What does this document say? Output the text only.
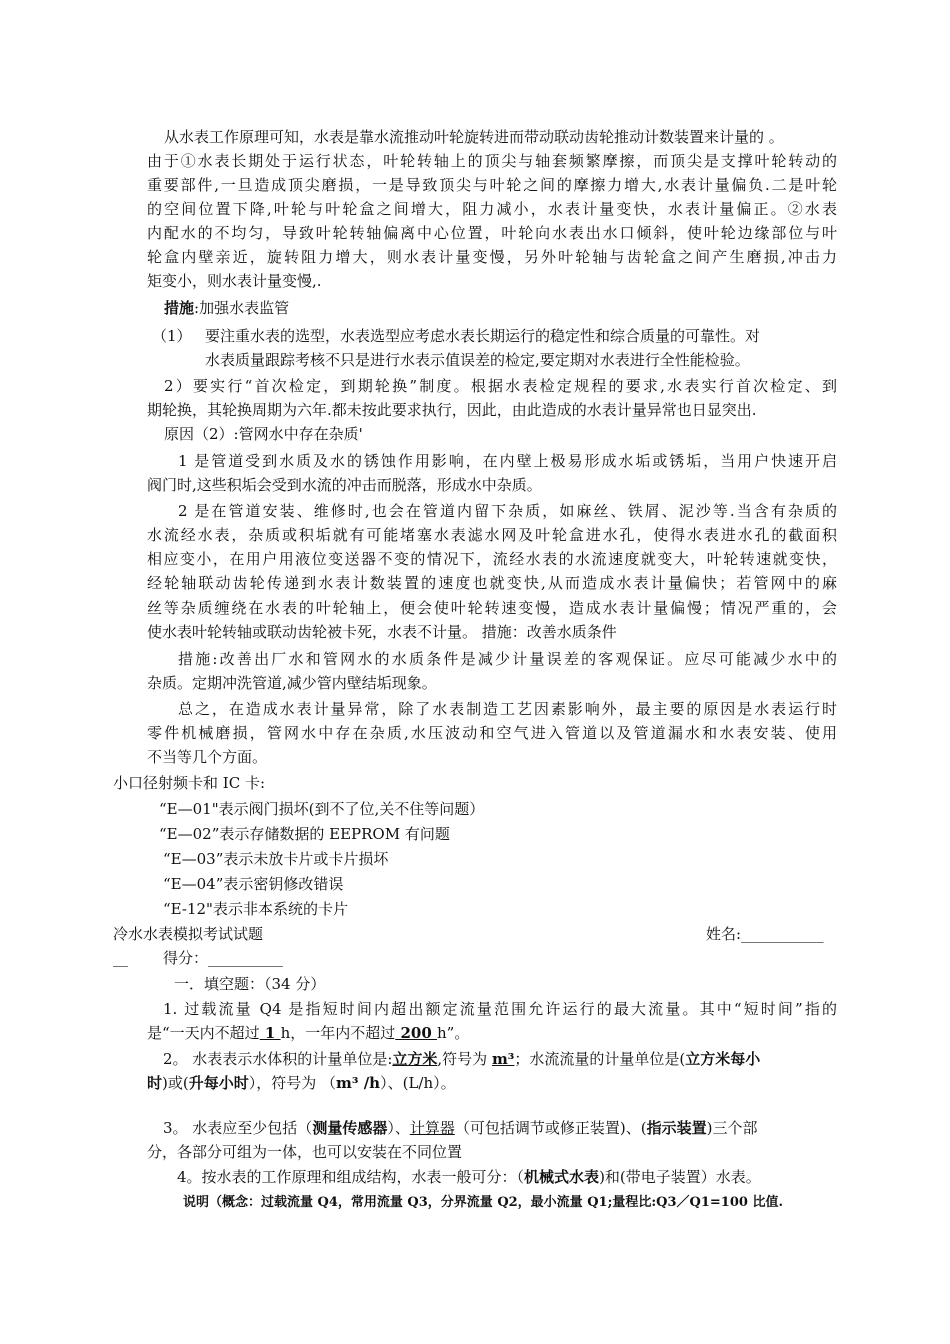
从水表工作原理可知，水表是靠水流推动叶轮旋转进而带动联动齿轮推动计数装置来计量的 。
由于①水表长期处于运行状态，叶轮转轴上的顶尖与轴套频繁摩擦，而顶尖是支撑叶轮转动的
重要部件,一旦造成顶尖磨损，一是导致顶尖与叶轮之间的摩擦力增大,水表计量偏负.二是叶轮
的空间位置下降,叶轮与叶轮盒之间增大，阻力减小，水表计量变快，水表计量偏正。②水表
内配水的不均匀，导致叶轮转轴偏离中心位置，叶轮向水表出水口倾斜，使叶轮边缘部位与叶
轮盒内壁亲近，旋转阻力增大，则水表计量变慢，另外叶轮轴与齿轮盒之间产生磨损,冲击力
矩变小，则水表计量变慢,.
措施:加强水表监管
（1） 要注重水表的选型，水表选型应考虑水表长期运行的稳定性和综合质量的可靠性。对
水表质量跟踪考核不只是进行水表示值误差的检定,要定期对水表进行全性能检验。
2）要实行“首次检定，到期轮换”制度。根据水表检定规程的要求,水表实行首次检定、到
期轮换，其轮换周期为六年.都未按此要求执行，因此，由此造成的水表计量异常也日显突出.
原因（2）:管网水中存在杂质'
1 是管道受到水质及水的锈蚀作用影响，在内壁上极易形成水垢或锈垢，当用户快速开启
阀门时,这些积垢会受到水流的冲击而脱落，形成水中杂质。
2 是在管道安装、维修时,也会在管道内留下杂质，如麻丝、铁屑、泥沙等.当含有杂质的
水流经水表，杂质或积垢就有可能堵塞水表滤水网及叶轮盒进水孔，使得水表进水孔的截面积
相应变小，在用户用液位变送器不变的情况下，流经水表的水流速度就变大，叶轮转速就变快，
经轮轴联动齿轮传递到水表计数装置的速度也就变快,从而造成水表计量偏快；若管网中的麻
丝等杂质缠绕在水表的叶轮轴上，便会使叶轮转速变慢，造成水表计量偏慢；情况严重的，会
使水表叶轮转轴或联动齿轮被卡死，水表不计量。 措施：改善水质条件
措施:改善出厂水和管网水的水质条件是减少计量误差的客观保证。应尽可能减少水中的
杂质。定期冲洗管道,减少管内壁结垢现象。
总之，在造成水表计量异常，除了水表制造工艺因素影响外，最主要的原因是水表运行时
零件机械磨损，管网水中存在杂质,水压波动和空气进入管道以及管道漏水和水表安装、使用
不当等几个方面。
小口径射频卡和 IC 卡:
“E—01"表示阀门损坏(到不了位,关不住等问题）
“E—02”表示存储数据的 EEPROM 有问题
“E—03”表示未放卡片或卡片损坏
“E—04”表示密钥修改错误
“E-12"表示非本系统的卡片
冷水水表模拟考试试题	姓名:___________
__ 得分：__________
一．填空题：（34 分）
1. 过载流量 Q4 是指短时间内超出额定流量范围允许运行的最大流量。其中“短时间”指的
是“一天内不超过 1 h，一年内不超过 200 h”。
2。 水表表示水体积的计量单位是:立方米,符号为 m³；水流流量的计量单位是(立方米每小
时)或(升每小时），符号为 （m³ /h）、(L/h）。
3。 水表应至少包括（测量传感器）、计算器（可包括调节或修正装置)、(指示装置)三个部
分，各部分可组为一体，也可以安装在不同位置
4。按水表的工作原理和组成结构，水表一般可分：（机械式水表)和(带电子装置）水表。
说明（概念：过载流量 Q4，常用流量 Q3，分界流量 Q2，最小流量 Q1;量程比:Q3／Q1=100 比值.
